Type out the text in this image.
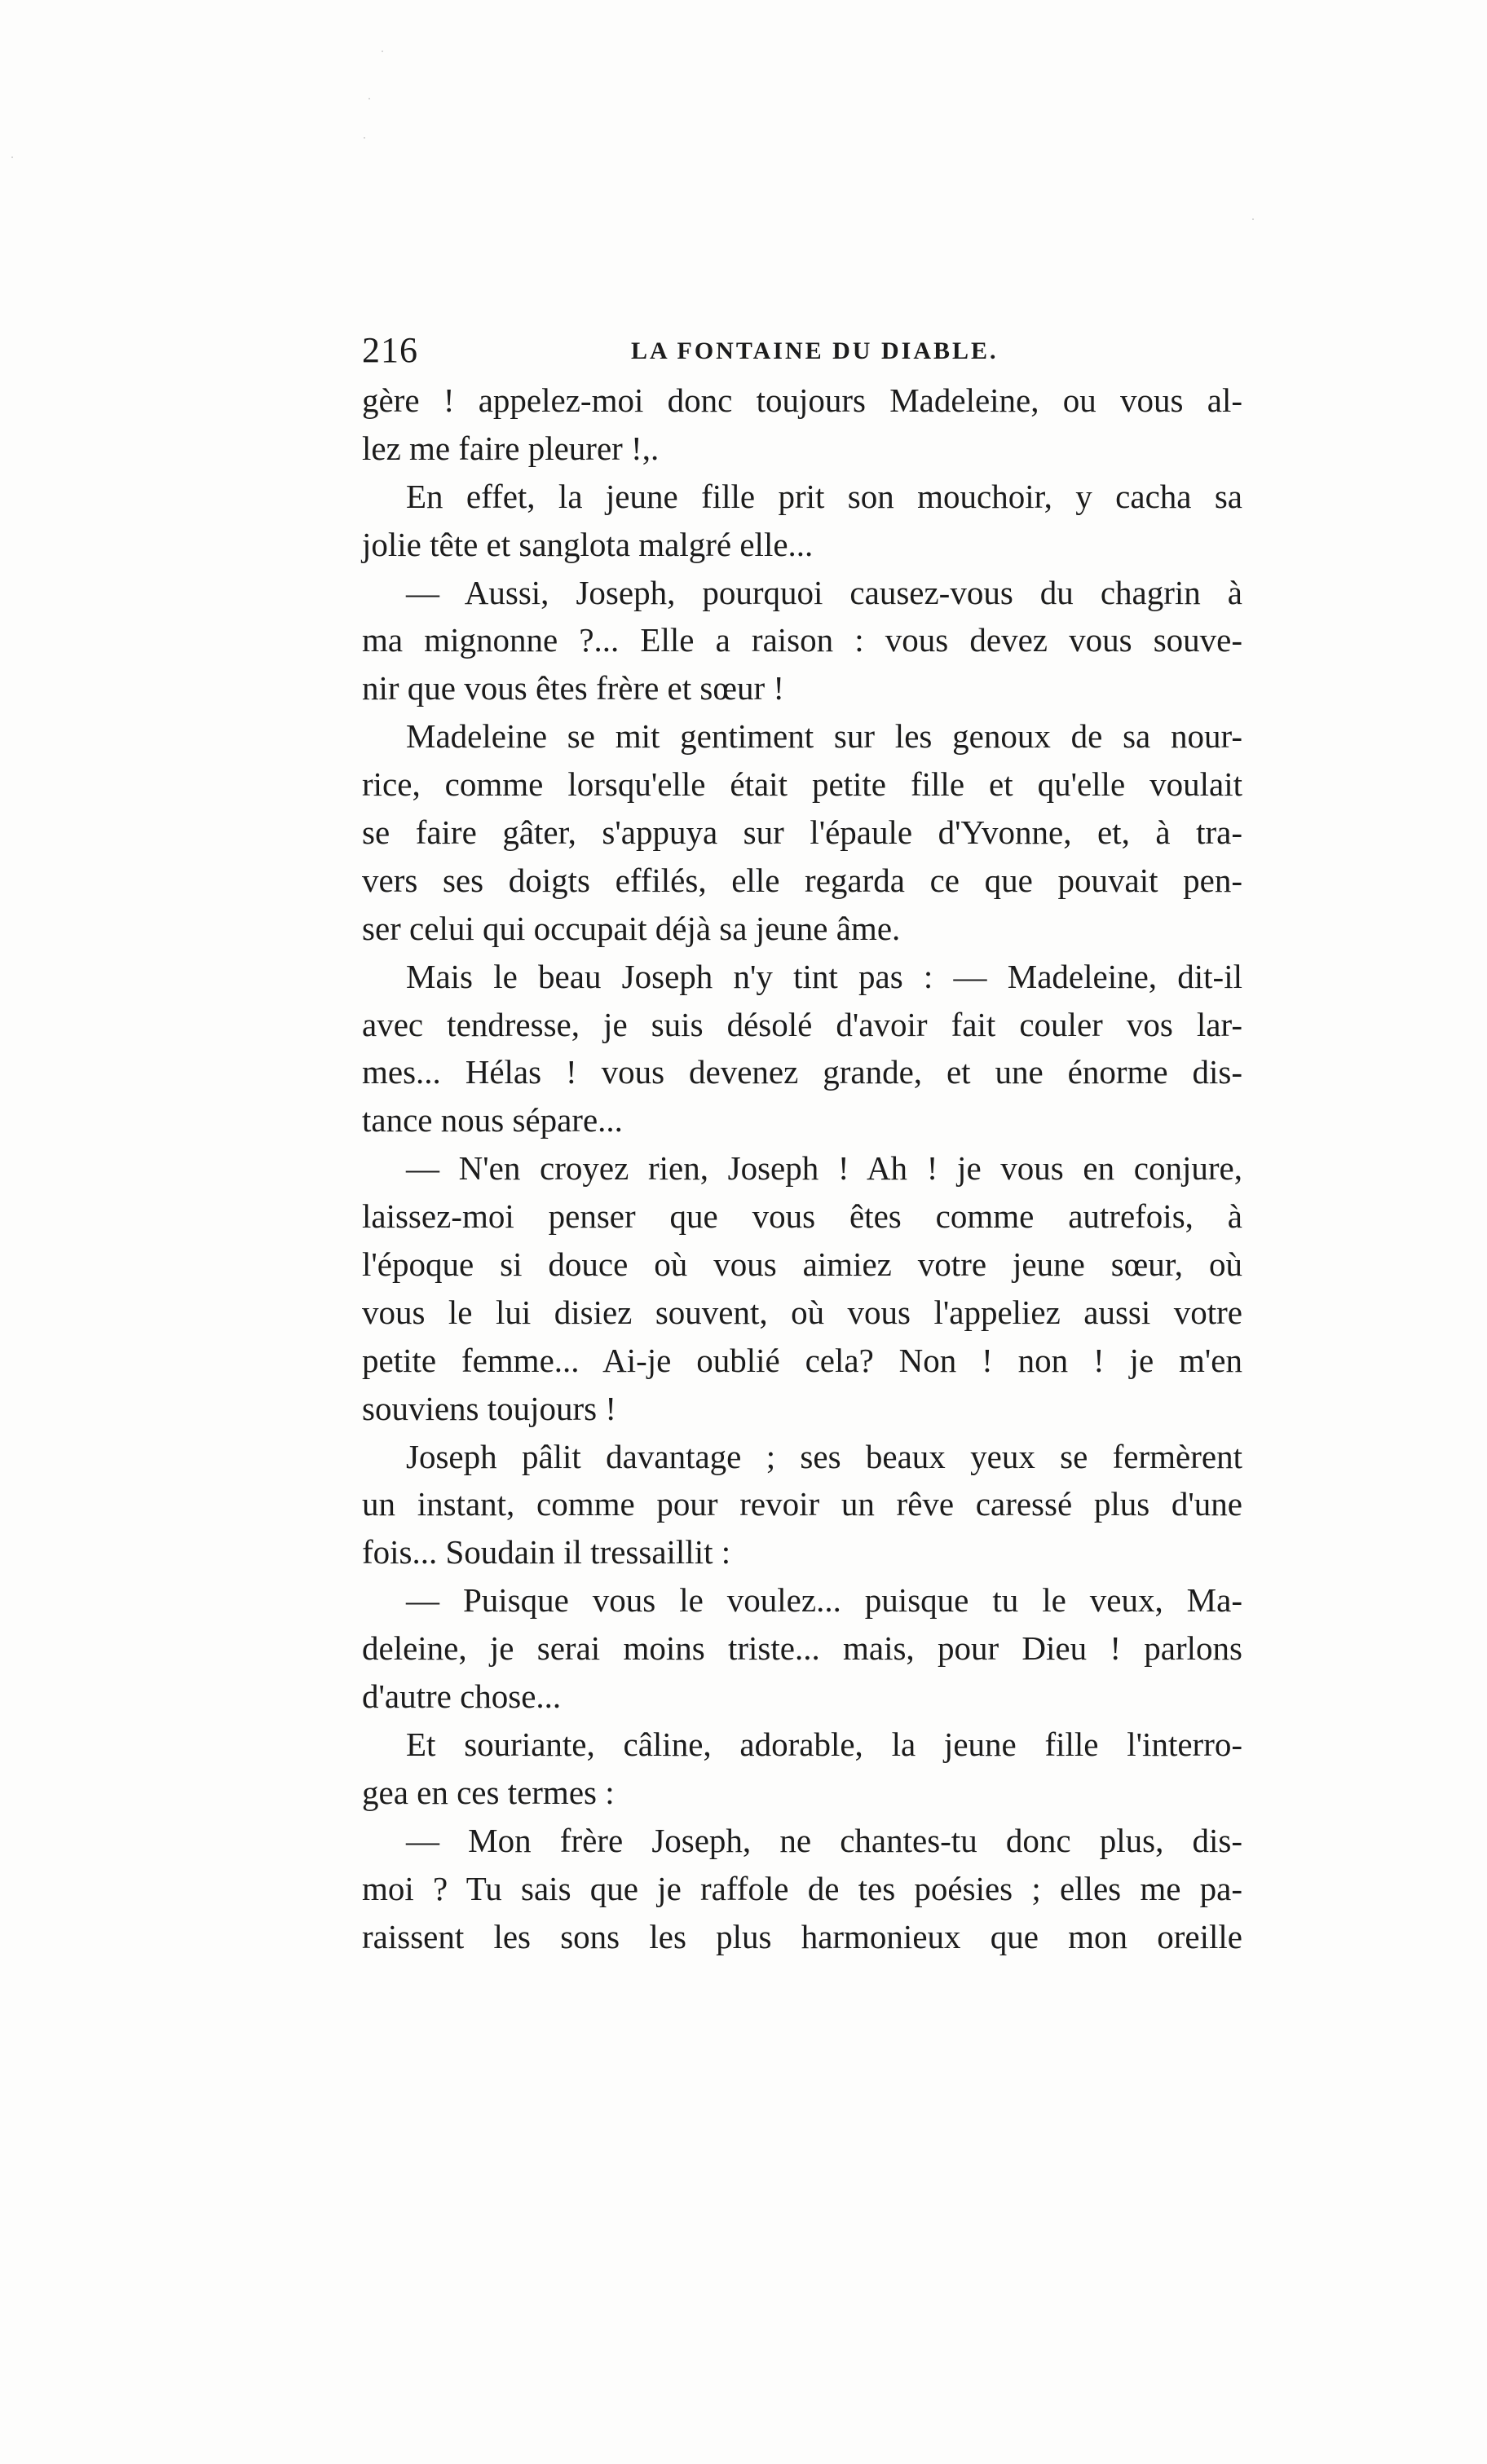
216	LA FONTAINE DU DIABLE.
gère ! appelez-moi donc toujours Madeleine, ou vous al-
lez me faire pleurer !,.
En effet, la jeune fille prit son mouchoir, y cacha sa
jolie tête et sanglota malgré elle...
— Aussi, Joseph, pourquoi causez-vous du chagrin à
ma mignonne ?... Elle a raison : vous devez vous souve-
nir que vous êtes frère et sœur !
Madeleine se mit gentiment sur les genoux de sa nour-
rice, comme lorsqu'elle était petite fille et qu'elle voulait
se faire gâter, s'appuya sur l'épaule d'Yvonne, et, à tra-
vers ses doigts effilés, elle regarda ce que pouvait pen-
ser celui qui occupait déjà sa jeune âme.
Mais le beau Joseph n'y tint pas : — Madeleine, dit-il
avec tendresse, je suis désolé d'avoir fait couler vos lar-
mes... Hélas ! vous devenez grande, et une énorme dis-
tance nous sépare...
— N'en croyez rien, Joseph ! Ah ! je vous en conjure,
laissez-moi penser que vous êtes comme autrefois, à
l'époque si douce où vous aimiez votre jeune sœur, où
vous le lui disiez souvent, où vous l'appeliez aussi votre
petite femme... Ai-je oublié cela? Non ! non ! je m'en
souviens toujours !
Joseph pâlit davantage ; ses beaux yeux se fermèrent
un instant, comme pour revoir un rêve caressé plus d'une
fois... Soudain il tressaillit :
— Puisque vous le voulez... puisque tu le veux, Ma-
deleine, je serai moins triste... mais, pour Dieu ! parlons
d'autre chose...
Et souriante, câline, adorable, la jeune fille l'interro-
gea en ces termes :
— Mon frère Joseph, ne chantes-tu donc plus, dis-
moi ? Tu sais que je raffole de tes poésies ; elles me pa-
raissent les sons les plus harmonieux que mon oreille
